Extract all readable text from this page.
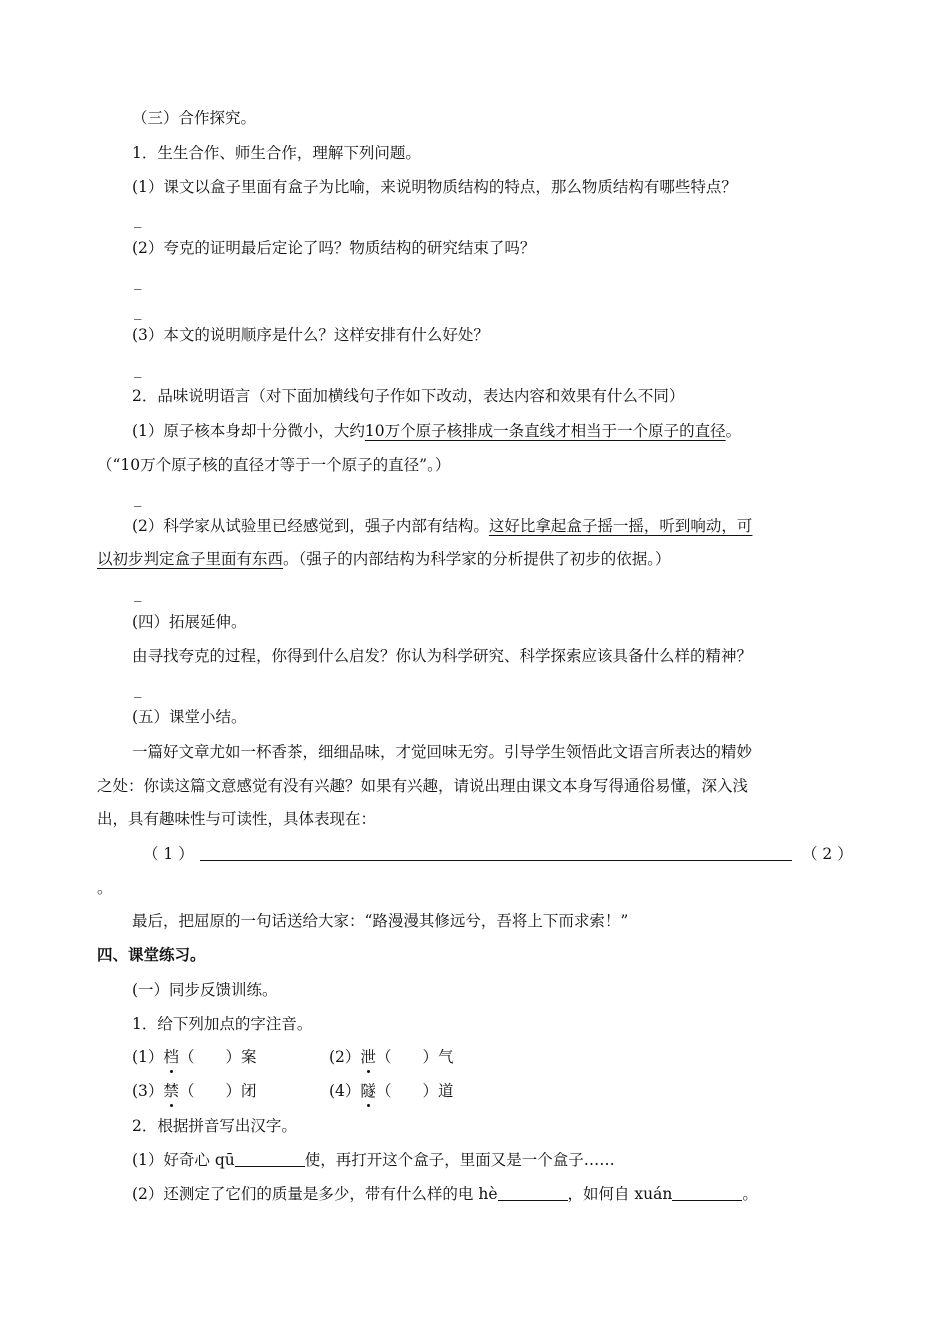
（三）合作探究。
1．生生合作、师生合作，理解下列问题。
(1）课文以盒子里面有盒子为比喻，来说明物质结构的特点，那么物质结构有哪些特点？
_
(2）夸克的证明最后定论了吗？物质结构的研究结束了吗？
_
_
(3）本文的说明顺序是什么？这样安排有什么好处？
_
2．品味说明语言（对下面加横线句子作如下改动，表达内容和效果有什么不同）
(1）原子核本身却十分微小，大约10万个原子核排成一条直线才相当于一个原子的直径。
（“10万个原子核的直径才等于一个原子的直径”。）
_
(2）科学家从试验里已经感觉到，强子内部有结构。这好比拿起盒子摇一摇，听到响动，可
以初步判定盒子里面有东西。（强子的内部结构为科学家的分析提供了初步的依据。）
_
(四）拓展延伸。
由寻找夸克的过程，你得到什么启发？你认为科学研究、科学探索应该具备什么样的精神？
_
(五）课堂小结。
一篇好文章尤如一杯香茶，细细品味，才觉回味无穷。引导学生领悟此文语言所表达的精妙
之处：你读这篇文意感觉有没有兴趣？如果有兴趣，请说出理由课文本身写得通俗易懂，深入浅
出，具有趣味性与可读性，具体表现在：
（ 1 ）	（ 2 ）
。
最后，把屈原的一句话送给大家：“路漫漫其修远兮，吾将上下而求索！”
四、课堂练习。
(一）同步反馈训练。
1．给下列加点的字注音。
(1）档（　　）案	(2）泄（　　）气
(3）禁（　　）闭	(4）隧（　　）道
2．根据拼音写出汉字。
(1）好奇心 qū	使，再打开这个盒子，里面又是一个盒子……
(2）还测定了它们的质量是多少，带有什么样的电 hè	，如何自 xuán	。
